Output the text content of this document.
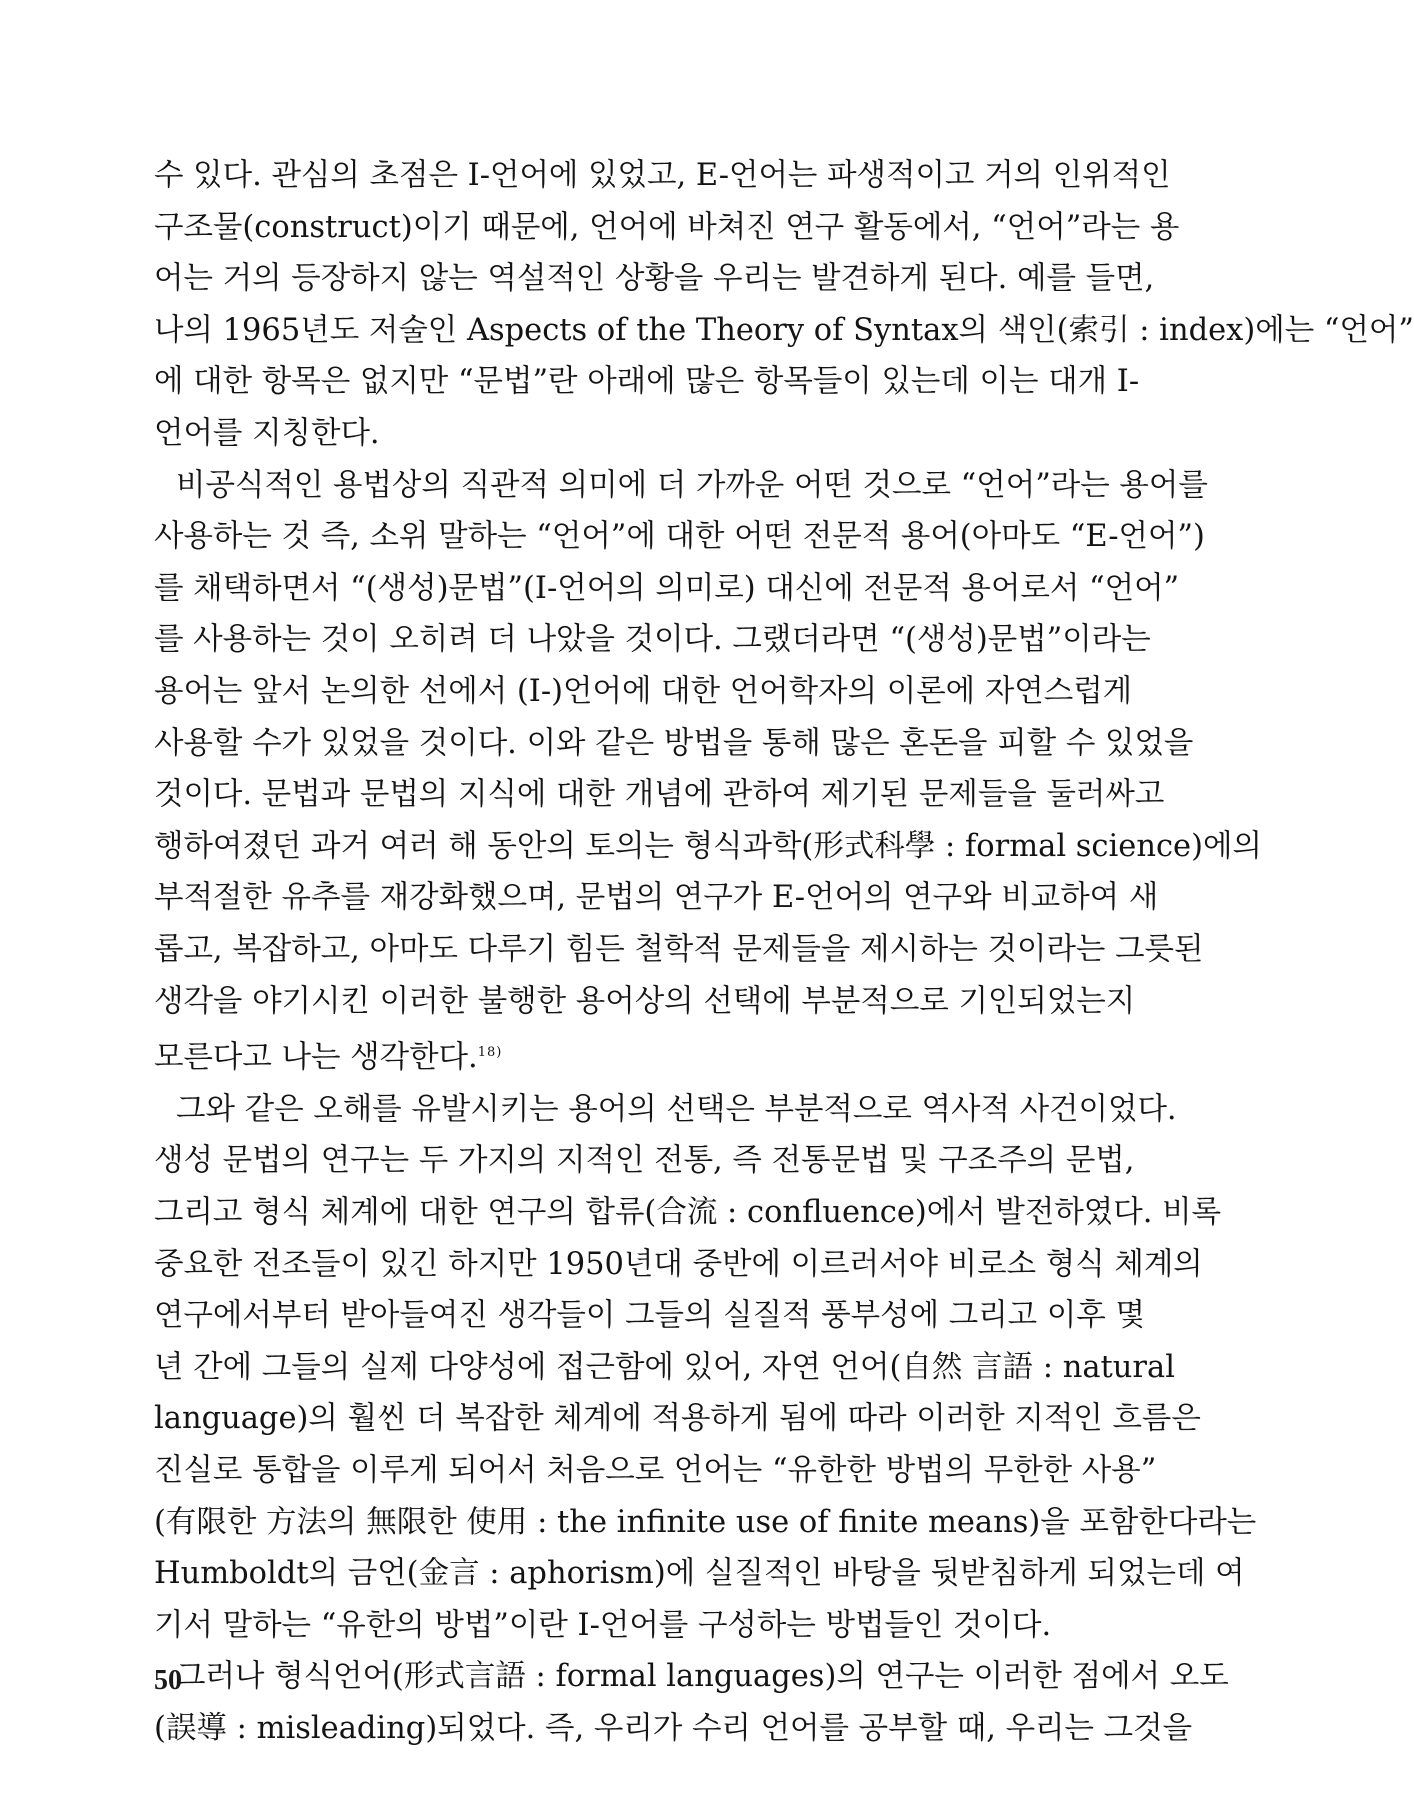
수 있다. 관심의 초점은 I-언어에 있었고, E-언어는 파생적이고 거의 인위적인
구조물(construct)이기 때문에, 언어에 바쳐진 연구 활동에서, “언어”라는 용
어는 거의 등장하지 않는 역설적인 상황을 우리는 발견하게 된다. 예를 들면,
나의 1965년도 저술인 Aspects of the Theory of Syntax의 색인(索引 : index)에는 “언어”
에 대한 항목은 없지만 “문법”란 아래에 많은 항목들이 있는데 이는 대개 I-
언어를 지칭한다.

비공식적인 용법상의 직관적 의미에 더 가까운 어떤 것으로 “언어”라는 용어를
사용하는 것 즉, 소위 말하는 “언어”에 대한 어떤 전문적 용어(아마도 “E-언어”)
를 채택하면서 “(생성)문법”(I-언어의 의미로) 대신에 전문적 용어로서 “언어”
를 사용하는 것이 오히려 더 나았을 것이다. 그랬더라면 “(생성)문법”이라는
용어는 앞서 논의한 선에서 (I-)언어에 대한 언어학자의 이론에 자연스럽게
사용할 수가 있었을 것이다. 이와 같은 방법을 통해 많은 혼돈을 피할 수 있었을
것이다. 문법과 문법의 지식에 대한 개념에 관하여 제기된 문제들을 둘러싸고
행하여졌던 과거 여러 해 동안의 토의는 형식과학(形式科學 : formal science)에의
부적절한 유추를 재강화했으며, 문법의 연구가 E-언어의 연구와 비교하여 새
롭고, 복잡하고, 아마도 다루기 힘든 철학적 문제들을 제시하는 것이라는 그릇된
생각을 야기시킨 이러한 불행한 용어상의 선택에 부분적으로 기인되었는지
모른다고 나는 생각한다.$^{18)}$

그와 같은 오해를 유발시키는 용어의 선택은 부분적으로 역사적 사건이었다.
생성 문법의 연구는 두 가지의 지적인 전통, 즉 전통문법 및 구조주의 문법,
그리고 형식 체계에 대한 연구의 합류(合流 : confluence)에서 발전하였다. 비록
중요한 전조들이 있긴 하지만 1950년대 중반에 이르러서야 비로소 형식 체계의
연구에서부터 받아들여진 생각들이 그들의 실질적 풍부성에 그리고 이후 몇
년 간에 그들의 실제 다양성에 접근함에 있어, 자연 언어(自然 言語 : natural
language)의 훨씬 더 복잡한 체계에 적용하게 됨에 따라 이러한 지적인 흐름은
진실로 통합을 이루게 되어서 처음으로 언어는 “유한한 방법의 무한한 사용”
(有限한 方法의 無限한 使用 : the infinite use of finite means)을 포함한다라는
Humboldt의 금언(金言 : aphorism)에 실질적인 바탕을 뒷받침하게 되었는데 여
기서 말하는 “유한의 방법”이란 I-언어를 구성하는 방법들인 것이다.

그러나 형식언어(形式言語 : formal languages)의 연구는 이러한 점에서 오도
(誤導 : misleading)되었다. 즉, 우리가 수리 언어를 공부할 때, 우리는 그것을

50
